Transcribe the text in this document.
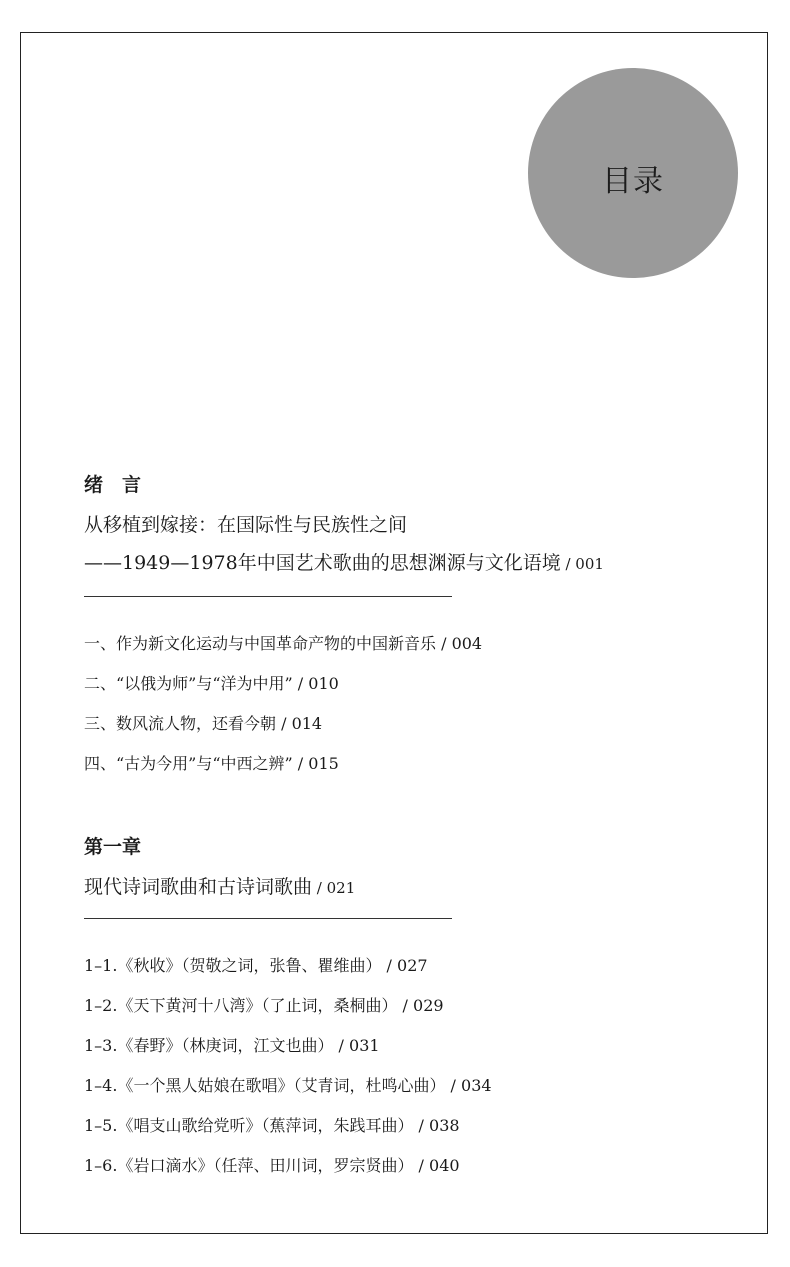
目录
绪　言
从移植到嫁接：在国际性与民族性之间
——1949—1978年中国艺术歌曲的思想渊源与文化语境 / 001
一、作为新文化运动与中国革命产物的中国新音乐 / 004
二、“以俄为师”与“洋为中用” / 010
三、数风流人物，还看今朝 / 014
四、“古为今用”与“中西之辨” / 015
第一章
现代诗词歌曲和古诗词歌曲 / 021
1–1.《秋收》（贺敬之词，张鲁、瞿维曲） / 027
1–2.《天下黄河十八湾》（了止词，桑桐曲） / 029
1–3.《春野》（林庚词，江文也曲） / 031
1–4.《一个黑人姑娘在歌唱》（艾青词，杜鸣心曲） / 034
1–5.《唱支山歌给党听》（蕉萍词，朱践耳曲） / 038
1–6.《岩口滴水》（任萍、田川词，罗宗贤曲） / 040
